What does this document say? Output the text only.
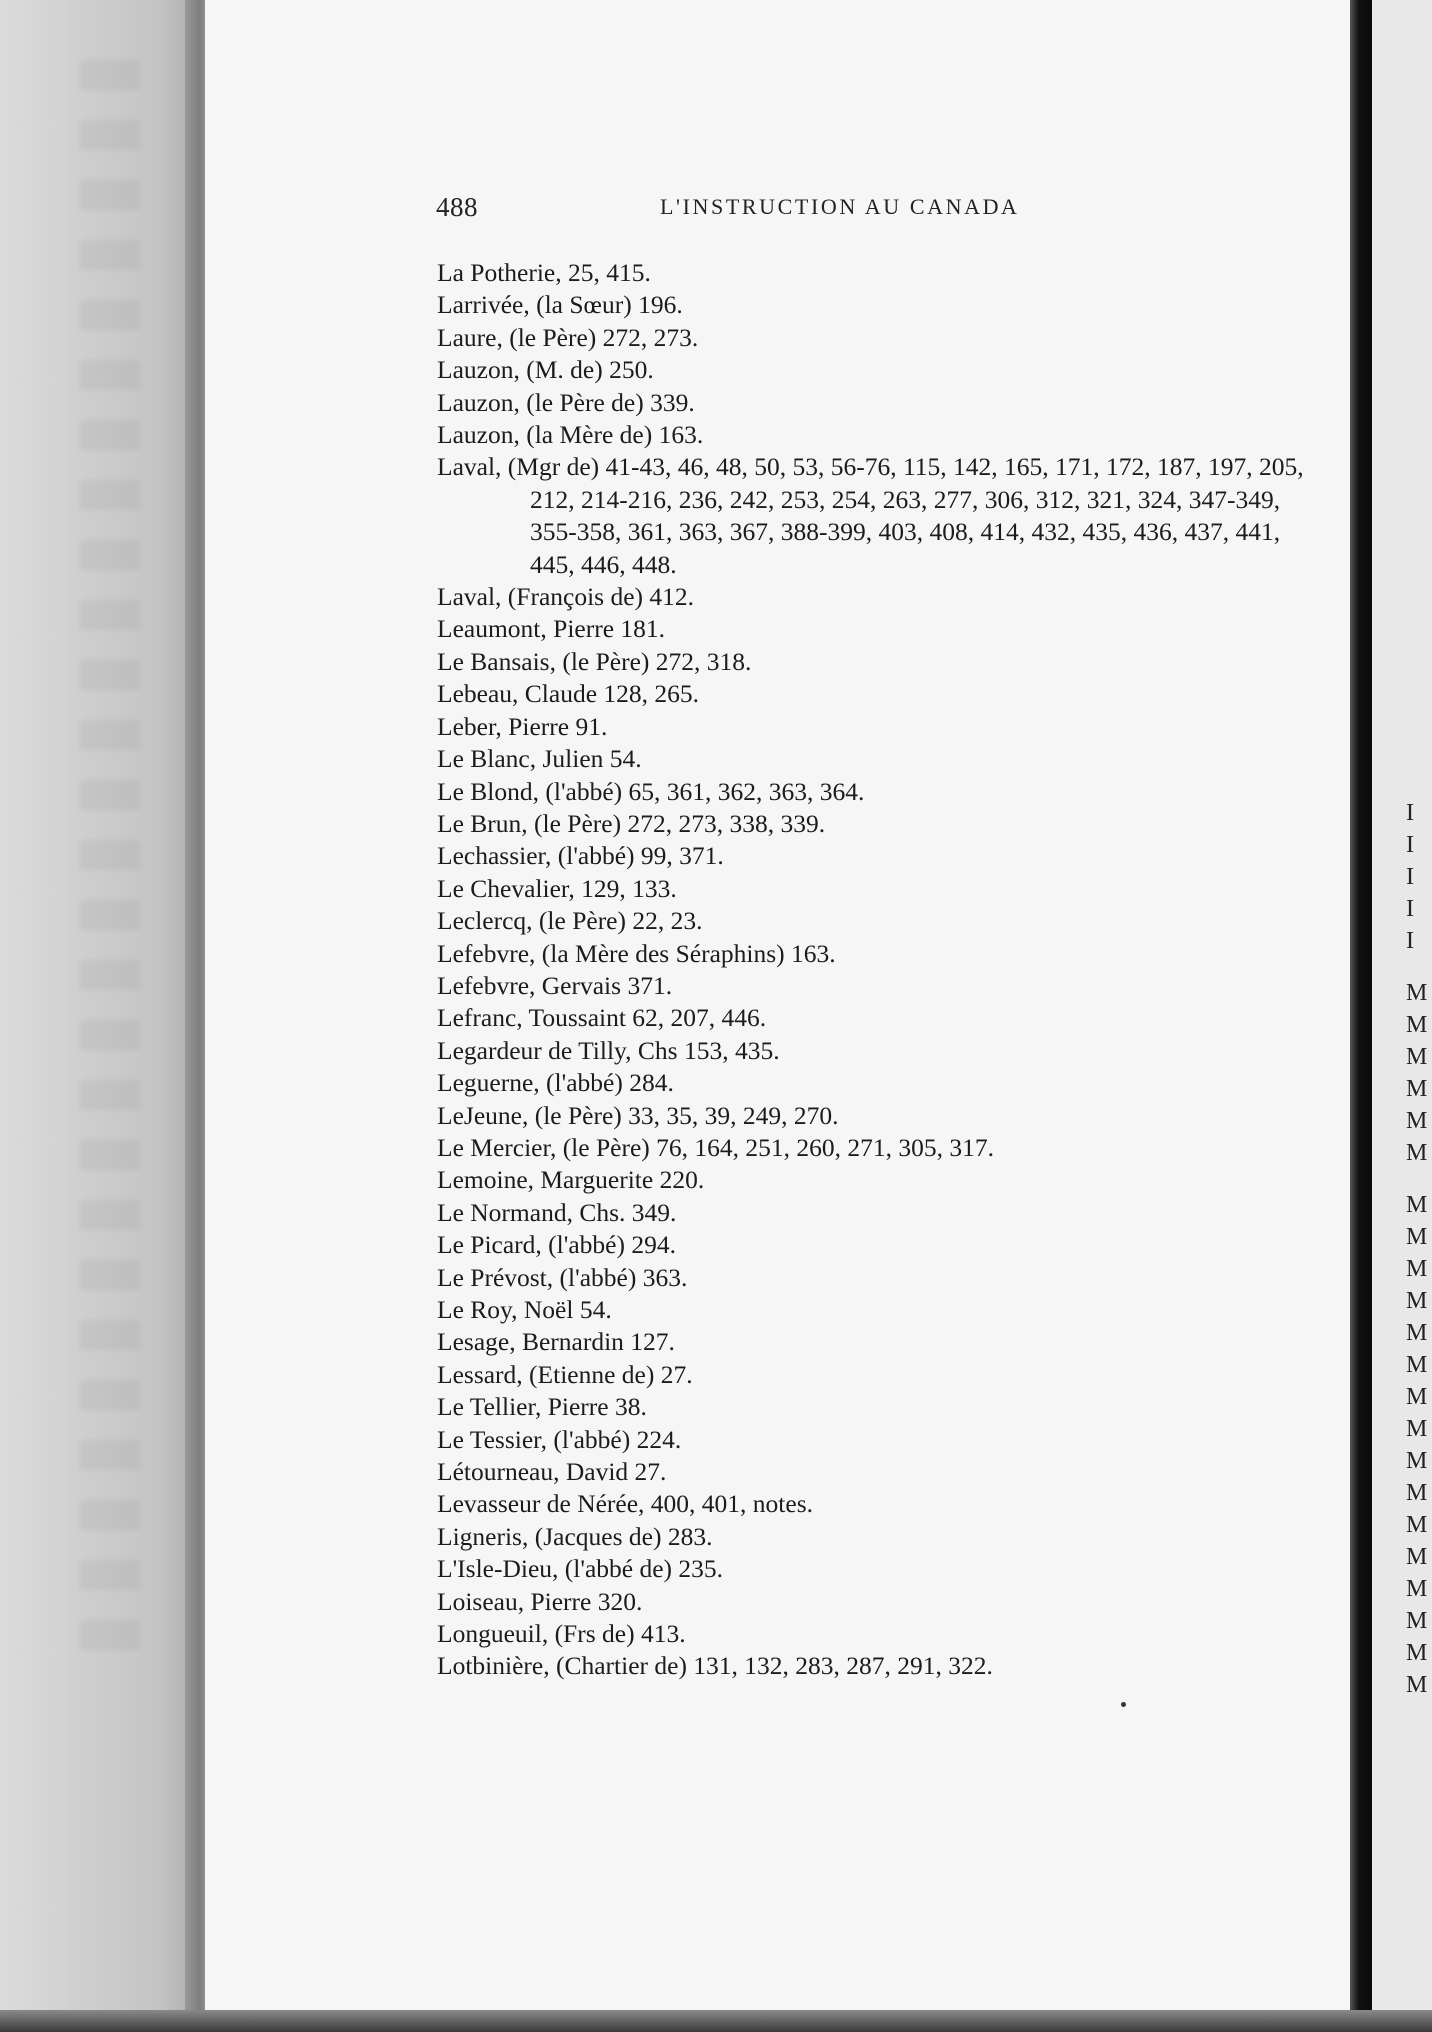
488	L'INSTRUCTION AU CANADA
La Potherie, 25, 415.
Larrivée, (la Sœur) 196.
Laure, (le Père) 272, 273.
Lauzon, (M. de) 250.
Lauzon, (le Père de) 339.
Lauzon, (la Mère de) 163.
Laval, (Mgr de) 41-43, 46, 48, 50, 53, 56-76, 115, 142, 165, 171, 172, 187, 197, 205, 212, 214-216, 236, 242, 253, 254, 263, 277, 306, 312, 321, 324, 347-349, 355-358, 361, 363, 367, 388-399, 403, 408, 414, 432, 435, 436, 437, 441, 445, 446, 448.
Laval, (François de) 412.
Leaumont, Pierre 181.
Le Bansais, (le Père) 272, 318.
Lebeau, Claude 128, 265.
Leber, Pierre 91.
Le Blanc, Julien 54.
Le Blond, (l'abbé) 65, 361, 362, 363, 364.
Le Brun, (le Père) 272, 273, 338, 339.
Lechassier, (l'abbé) 99, 371.
Le Chevalier, 129, 133.
Leclercq, (le Père) 22, 23.
Lefebvre, (la Mère des Séraphins) 163.
Lefebvre, Gervais 371.
Lefranc, Toussaint 62, 207, 446.
Legardeur de Tilly, Chs 153, 435.
Leguerne, (l'abbé) 284.
LeJeune, (le Père) 33, 35, 39, 249, 270.
Le Mercier, (le Père) 76, 164, 251, 260, 271, 305, 317.
Lemoine, Marguerite 220.
Le Normand, Chs. 349.
Le Picard, (l'abbé) 294.
Le Prévost, (l'abbé) 363.
Le Roy, Noël 54.
Lesage, Bernardin 127.
Lessard, (Etienne de) 27.
Le Tellier, Pierre 38.
Le Tessier, (l'abbé) 224.
Létourneau, David 27.
Levasseur de Nérée, 400, 401, notes.
Ligneris, (Jacques de) 283.
L'Isle-Dieu, (l'abbé de) 235.
Loiseau, Pierre 320.
Longueuil, (Frs de) 413.
Lotbinière, (Chartier de) 131, 132, 283, 287, 291, 322.
I
I
I
I
I
M
M
M
M
M
M
M
M
M
M
M
M
M
M
M
M
M
M
M
M
M
M
